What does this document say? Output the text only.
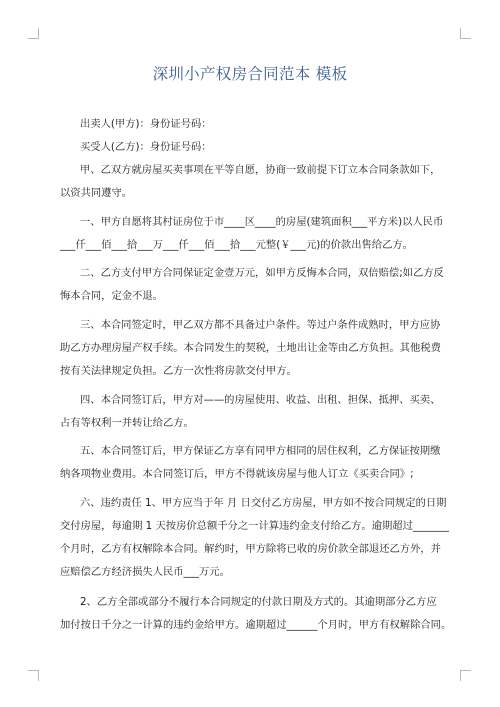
深圳小产权房合同范本 模板
出卖人(甲方)：身份证号码：
买受人(乙方)：身份证号码：
甲、乙双方就房屋买卖事项在平等自愿，协商一致前提下订立本合同条款如下，
以资共同遵守。
一、甲方自愿将其村证房位于市____区____的房屋(建筑面积___平方米)以人民币
___仟___佰___拾___万___仟___佰___拾___元整(￥___元)的价款出售给乙方。
二、乙方支付甲方合同保证定金壹万元，如甲方反悔本合同，双倍赔偿;如乙方反
悔本合同，定金不退。
三、本合同签定时，甲乙双方都不具备过户条件。等过户条件成熟时，甲方应协
助乙方办理房屋产权手续。本合同发生的契税，土地出让金等由乙方负担。其他税费
按有关法律规定负担。乙方一次性将房款交付甲方。
四、本合同签订后，甲方对——的房屋使用、收益、出租、担保、抵押、买卖、
占有等权利一并转让给乙方。
五、本合同签订后，甲方保证乙方享有同甲方相同的居住权利，乙方保证按期缴
纳各项物业费用。本合同签订后，甲方不得就该房屋与他人订立《买卖合同》;
六、违约责任 1、甲方应当于年 月 日交付乙方房屋，甲方如不按合同规定的日期
交付房屋，每逾期 1 天按房价总额千分之一计算违约金支付给乙方。逾期超过_______
个月时，乙方有权解除本合同。解约时，甲方除将已收的房价款全部退还乙方外，并
应赔偿乙方经济损失人民币___万元。
2、乙方全部或部分不履行本合同规定的付款日期及方式的。其逾期部分乙方应
加付按日千分之一计算的违约金给甲方。逾期超过______个月时，甲方有权解除合同。
